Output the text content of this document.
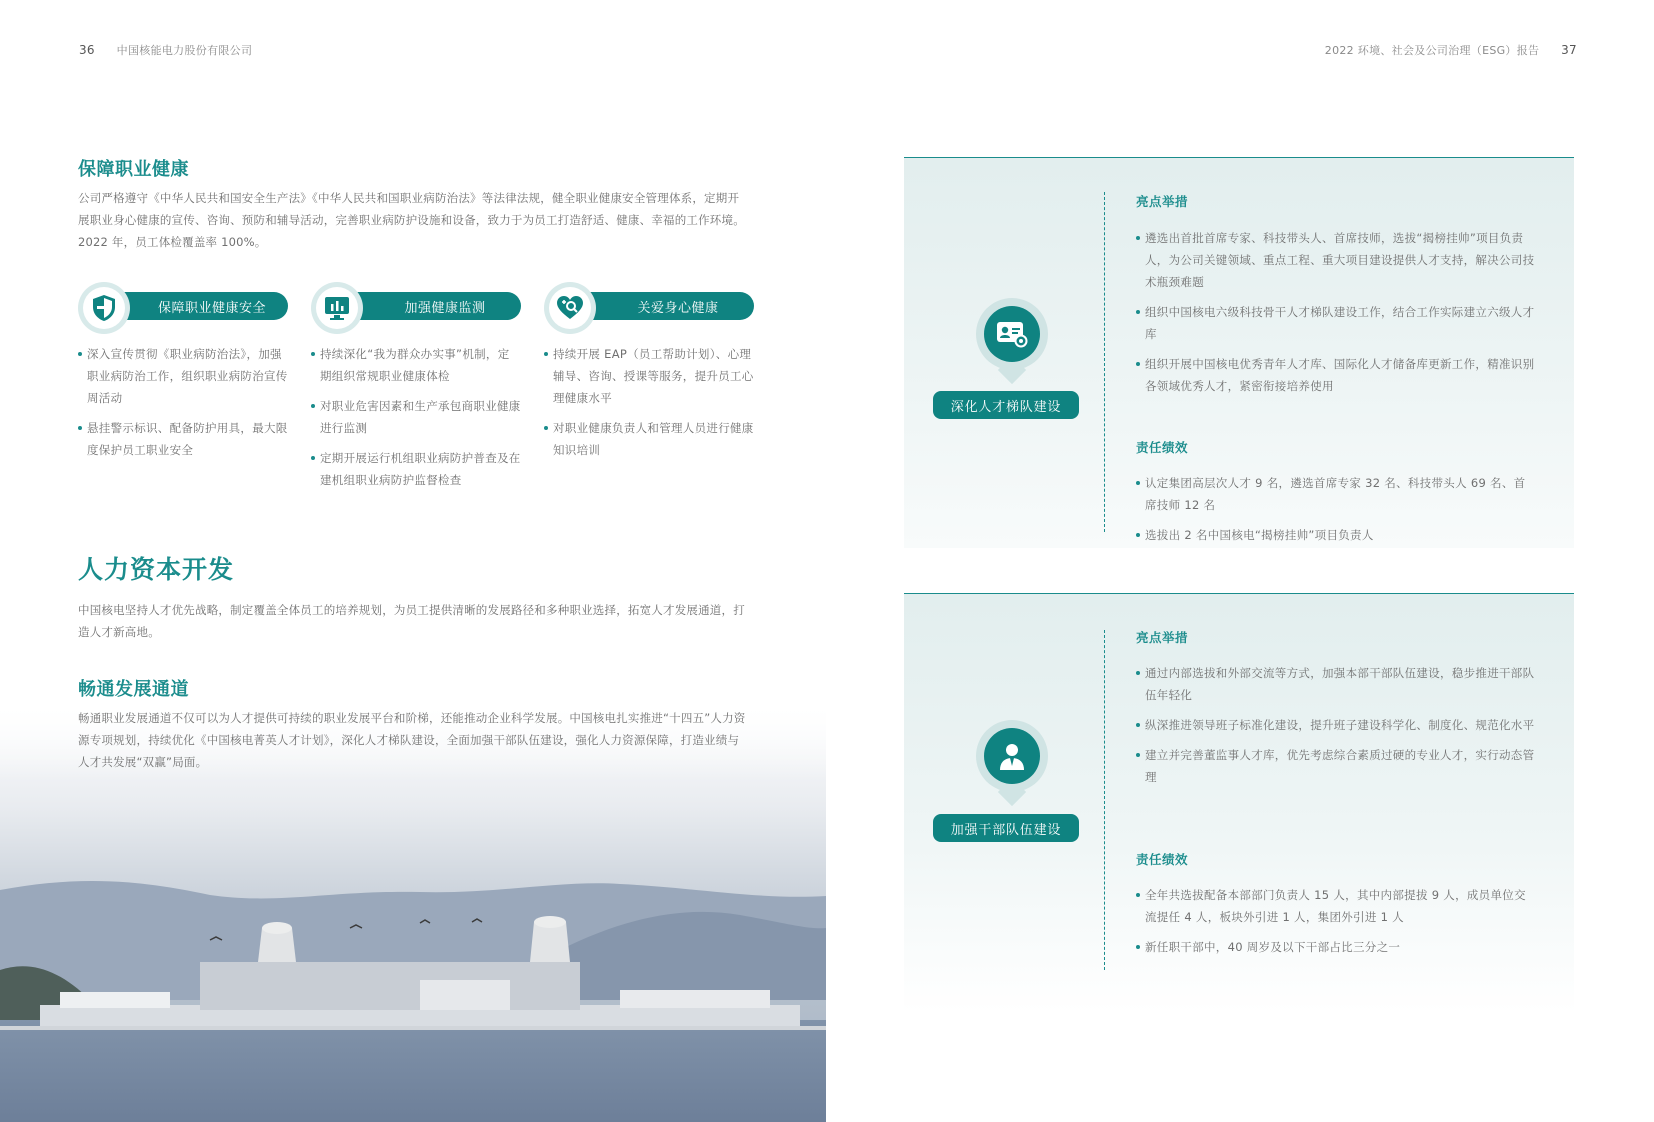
36 中国核能电力股份有限公司	2022 环境、社会及公司治理（ESG）报告 37
保障职业健康
公司严格遵守《中华人民共和国安全生产法》《中华人民共和国职业病防治法》等法律法规，健全职业健康安全管理体系，定期开展职业身心健康的宣传、咨询、预防和辅导活动，完善职业病防护设施和设备，致力于为员工打造舒适、健康、幸福的工作环境。2022 年，员工体检覆盖率 100%。
保障职业健康安全	加强健康监测	关爱身心健康
深入宣传贯彻《职业病防治法》，加强职业病防治工作，组织职业病防治宣传周活动
悬挂警示标识、配备防护用具，最大限度保护员工职业安全
持续深化“我为群众办实事”机制，定期组织常规职业健康体检
对职业危害因素和生产承包商职业健康进行监测
定期开展运行机组职业病防护普查及在建机组职业病防护监督检查
持续开展 EAP（员工帮助计划）、心理辅导、咨询、授课等服务，提升员工心理健康水平
对职业健康负责人和管理人员进行健康知识培训
人力资本开发
中国核电坚持人才优先战略，制定覆盖全体员工的培养规划，为员工提供清晰的发展路径和多种职业选择，拓宽人才发展通道，打造人才新高地。
畅通发展通道
畅通职业发展通道不仅可以为人才提供可持续的职业发展平台和阶梯，还能推动企业科学发展。中国核电扎实推进“十四五”人力资源专项规划，持续优化《中国核电菁英人才计划》，深化人才梯队建设，全面加强干部队伍建设，强化人力资源保障，打造业绩与人才共发展“双赢”局面。
深化人才梯队建设
亮点举措
遴选出首批首席专家、科技带头人、首席技师，选拔“揭榜挂帅”项目负责人，为公司关键领域、重点工程、重大项目建设提供人才支持，解决公司技术瓶颈难题
组织中国核电六级科技骨干人才梯队建设工作，结合工作实际建立六级人才库
组织开展中国核电优秀青年人才库、国际化人才储备库更新工作，精准识别各领域优秀人才，紧密衔接培养使用
责任绩效
认定集团高层次人才 9 名，遴选首席专家 32 名、科技带头人 69 名、首席技师 12 名
选拔出 2 名中国核电“揭榜挂帅”项目负责人
加强干部队伍建设
亮点举措
通过内部选拔和外部交流等方式，加强本部干部队伍建设，稳步推进干部队伍年轻化
纵深推进领导班子标准化建设，提升班子建设科学化、制度化、规范化水平
建立并完善董监事人才库，优先考虑综合素质过硬的专业人才，实行动态管理
责任绩效
全年共选拔配备本部部门负责人 15 人，其中内部提拔 9 人，成员单位交流提任 4 人，板块外引进 1 人，集团外引进 1 人
新任职干部中，40 周岁及以下干部占比三分之一
